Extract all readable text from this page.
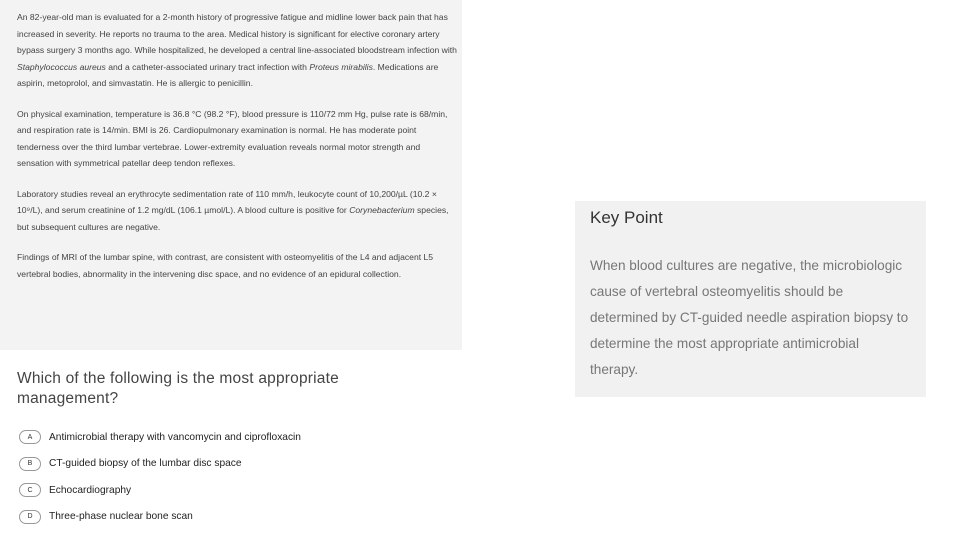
An 82-year-old man is evaluated for a 2-month history of progressive fatigue and midline lower back pain that has increased in severity. He reports no trauma to the area. Medical history is significant for elective coronary artery bypass surgery 3 months ago. While hospitalized, he developed a central line-associated bloodstream infection with Staphylococcus aureus and a catheter-associated urinary tract infection with Proteus mirabilis. Medications are aspirin, metoprolol, and simvastatin. He is allergic to penicillin.

On physical examination, temperature is 36.8 °C (98.2 °F), blood pressure is 110/72 mm Hg, pulse rate is 68/min, and respiration rate is 14/min. BMI is 26. Cardiopulmonary examination is normal. He has moderate point tenderness over the third lumbar vertebrae. Lower-extremity evaluation reveals normal motor strength and sensation with symmetrical patellar deep tendon reflexes.

Laboratory studies reveal an erythrocyte sedimentation rate of 110 mm/h, leukocyte count of 10,200/µL (10.2 × 10⁹/L), and serum creatinine of 1.2 mg/dL (106.1 µmol/L). A blood culture is positive for Corynebacterium species, but subsequent cultures are negative.

Findings of MRI of the lumbar spine, with contrast, are consistent with osteomyelitis of the L4 and adjacent L5 vertebral bodies, abnormality in the intervening disc space, and no evidence of an epidural collection.

Which of the following is the most appropriate management?
A	Antimicrobial therapy with vancomycin and ciprofloxacin
B	CT-guided biopsy of the lumbar disc space
C	Echocardiography
D	Three-phase nuclear bone scan
Key Point
When blood cultures are negative, the microbiologic cause of vertebral osteomyelitis should be determined by CT-guided needle aspiration biopsy to determine the most appropriate antimicrobial therapy.
